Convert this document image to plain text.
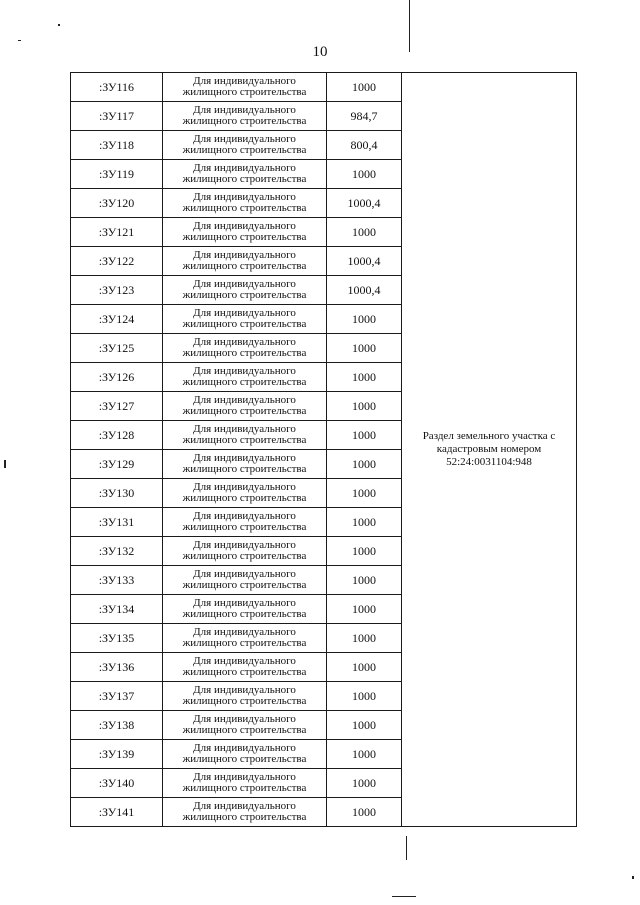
10
:ЗУ116	Для индивидуального
жилищного строительства	1000	Раздел земельного участка с
кадастровым номером
52:24:0031104:948

:ЗУ117	Для индивидуального
жилищного строительства	984,7	
:ЗУ118	Для индивидуального
жилищного строительства	800,4	
:ЗУ119	Для индивидуального
жилищного строительства	1000	
:ЗУ120	Для индивидуального
жилищного строительства	1000,4	
:ЗУ121	Для индивидуального
жилищного строительства	1000	
:ЗУ122	Для индивидуального
жилищного строительства	1000,4	
:ЗУ123	Для индивидуального
жилищного строительства	1000,4	
:ЗУ124	Для индивидуального
жилищного строительства	1000	
:ЗУ125	Для индивидуального
жилищного строительства	1000	
:ЗУ126	Для индивидуального
жилищного строительства	1000	
:ЗУ127	Для индивидуального
жилищного строительства	1000	
:ЗУ128	Для индивидуального
жилищного строительства	1000	
:ЗУ129	Для индивидуального
жилищного строительства	1000	
:ЗУ130	Для индивидуального
жилищного строительства	1000	
:ЗУ131	Для индивидуального
жилищного строительства	1000	
:ЗУ132	Для индивидуального
жилищного строительства	1000	
:ЗУ133	Для индивидуального
жилищного строительства	1000	
:ЗУ134	Для индивидуального
жилищного строительства	1000	
:ЗУ135	Для индивидуального
жилищного строительства	1000	
:ЗУ136	Для индивидуального
жилищного строительства	1000	
:ЗУ137	Для индивидуального
жилищного строительства	1000	
:ЗУ138	Для индивидуального
жилищного строительства	1000	
:ЗУ139	Для индивидуального
жилищного строительства	1000	
:ЗУ140	Для индивидуального
жилищного строительства	1000	
:ЗУ141	Для индивидуального
жилищного строительства	1000	
